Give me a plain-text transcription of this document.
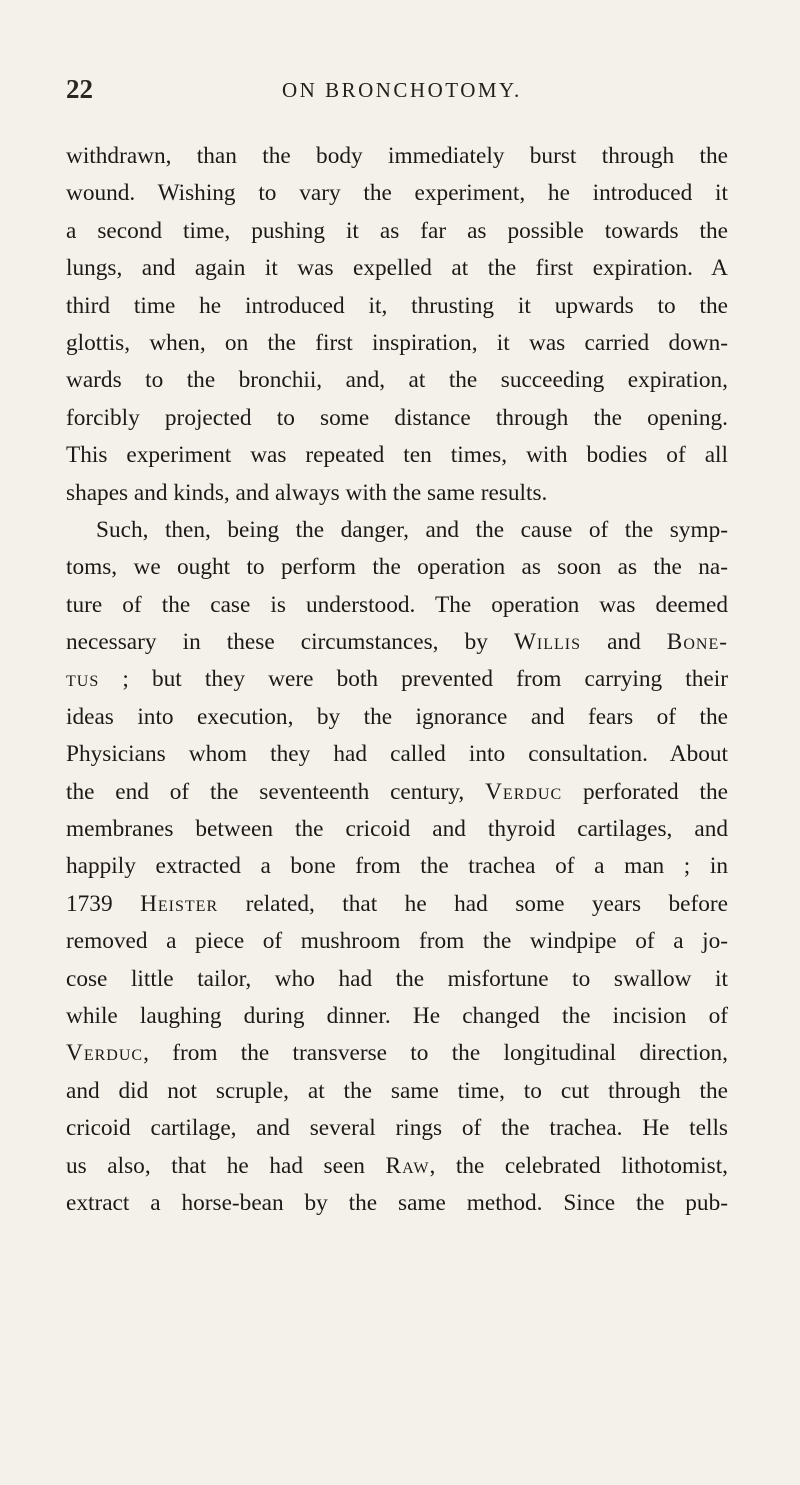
22	ON BRONCHOTOMY.
withdrawn, than the body immediately burst through the
wound. Wishing to vary the experiment, he introduced it
a second time, pushing it as far as possible towards the
lungs, and again it was expelled at the first expiration. A
third time he introduced it, thrusting it upwards to the
glottis, when, on the first inspiration, it was carried down-
wards to the bronchii, and, at the succeeding expiration,
forcibly projected to some distance through the opening.
This experiment was repeated ten times, with bodies of all
shapes and kinds, and always with the same results.
Such, then, being the danger, and the cause of the symp-
toms, we ought to perform the operation as soon as the na-
ture of the case is understood. The operation was deemed
necessary in these circumstances, by Willis and Bone-
tus ; but they were both prevented from carrying their
ideas into execution, by the ignorance and fears of the
Physicians whom they had called into consultation. About
the end of the seventeenth century, Verduc perforated the
membranes between the cricoid and thyroid cartilages, and
happily extracted a bone from the trachea of a man ; in
1739 Heister related, that he had some years before
removed a piece of mushroom from the windpipe of a jo-
cose little tailor, who had the misfortune to swallow it
while laughing during dinner. He changed the incision of
Verduc, from the transverse to the longitudinal direction,
and did not scruple, at the same time, to cut through the
cricoid cartilage, and several rings of the trachea. He tells
us also, that he had seen Raw, the celebrated lithotomist,
extract a horse-bean by the same method. Since the pub-
